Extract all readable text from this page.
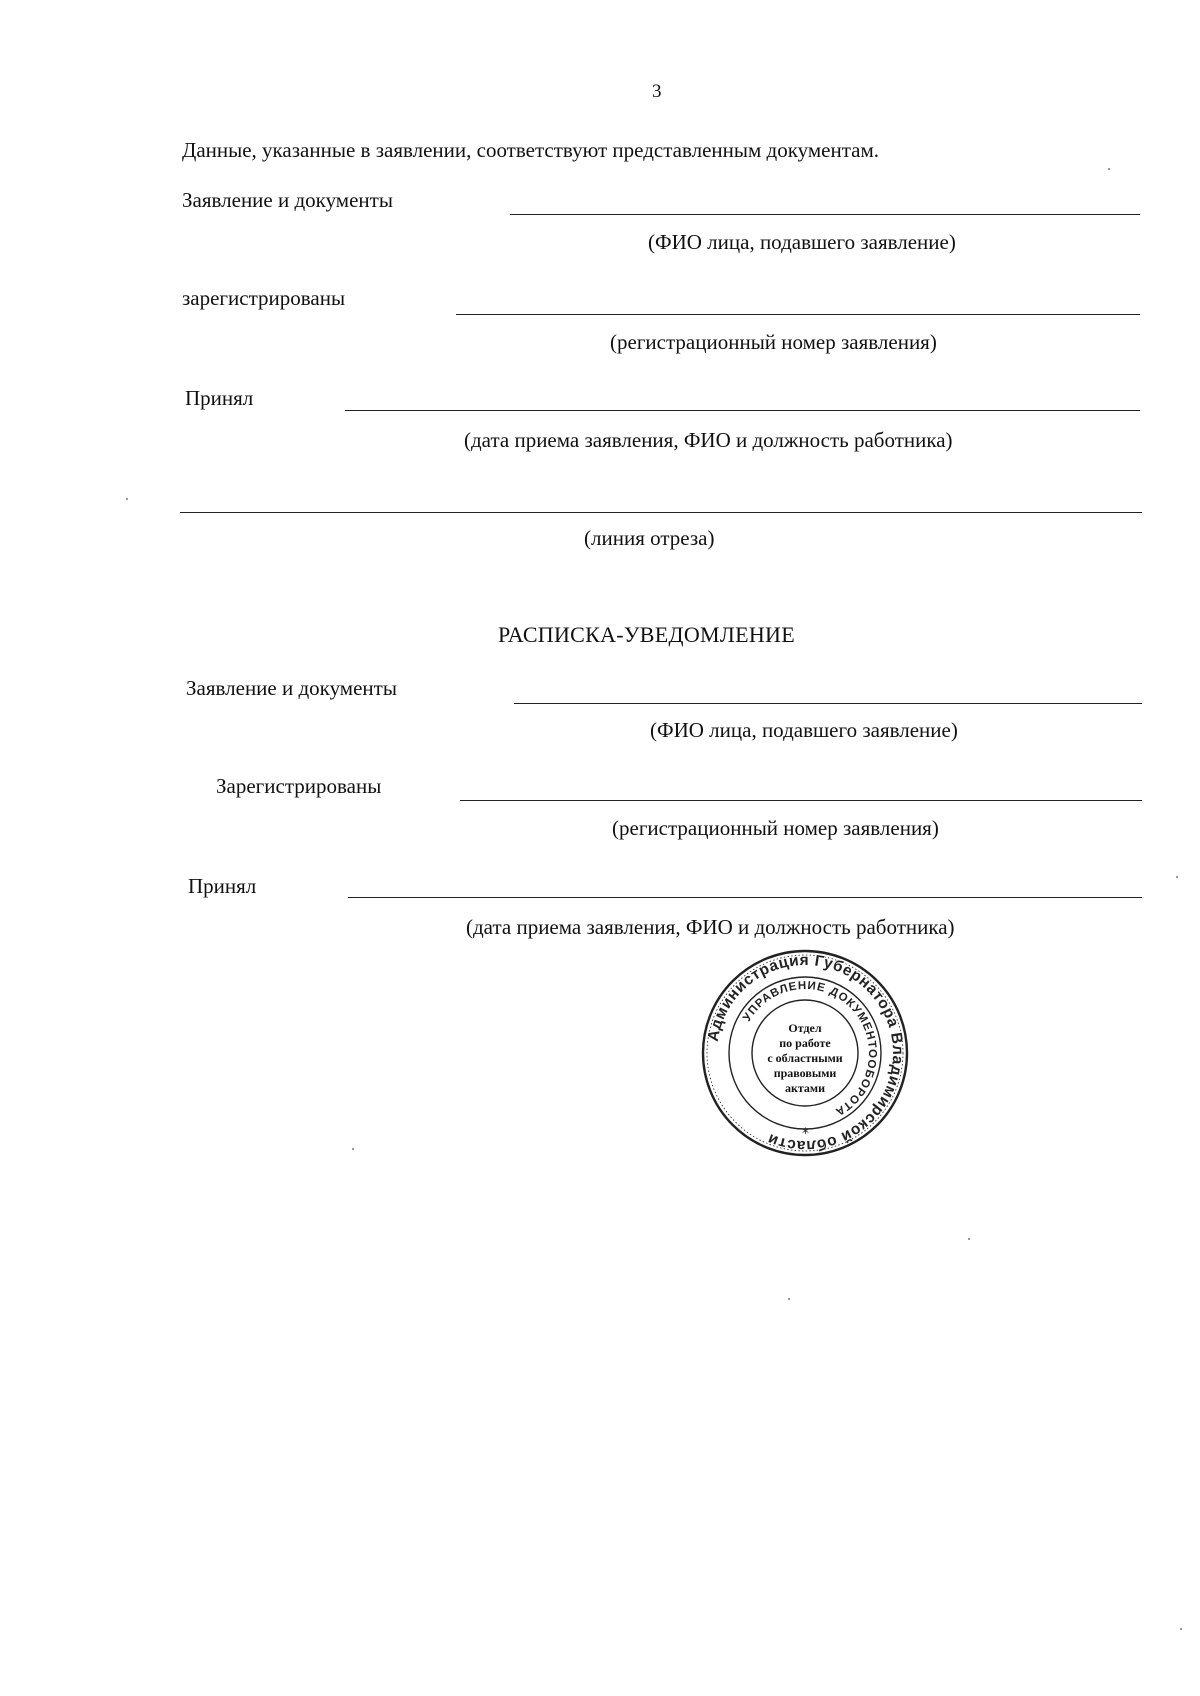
3
Данные, указанные в заявлении, соответствуют представленным документам.
Заявление и документы
(ФИО лица, подавшего заявление)
зарегистрированы
(регистрационный номер заявления)
Принял
(дата приема заявления, ФИО и должность работника)
(линия отреза)
РАСПИСКА-УВЕДОМЛЕНИЕ
Заявление и документы
(ФИО лица, подавшего заявление)
Зарегистрированы
(регистрационный номер заявления)
Принял
(дата приема заявления, ФИО и должность работника)
Администрация Губернатора Владимирской области
УПРАВЛЕНИЕ ДОКУМЕНТООБОРОТА
Отдел
по работе
с областными
правовыми
актами
*
